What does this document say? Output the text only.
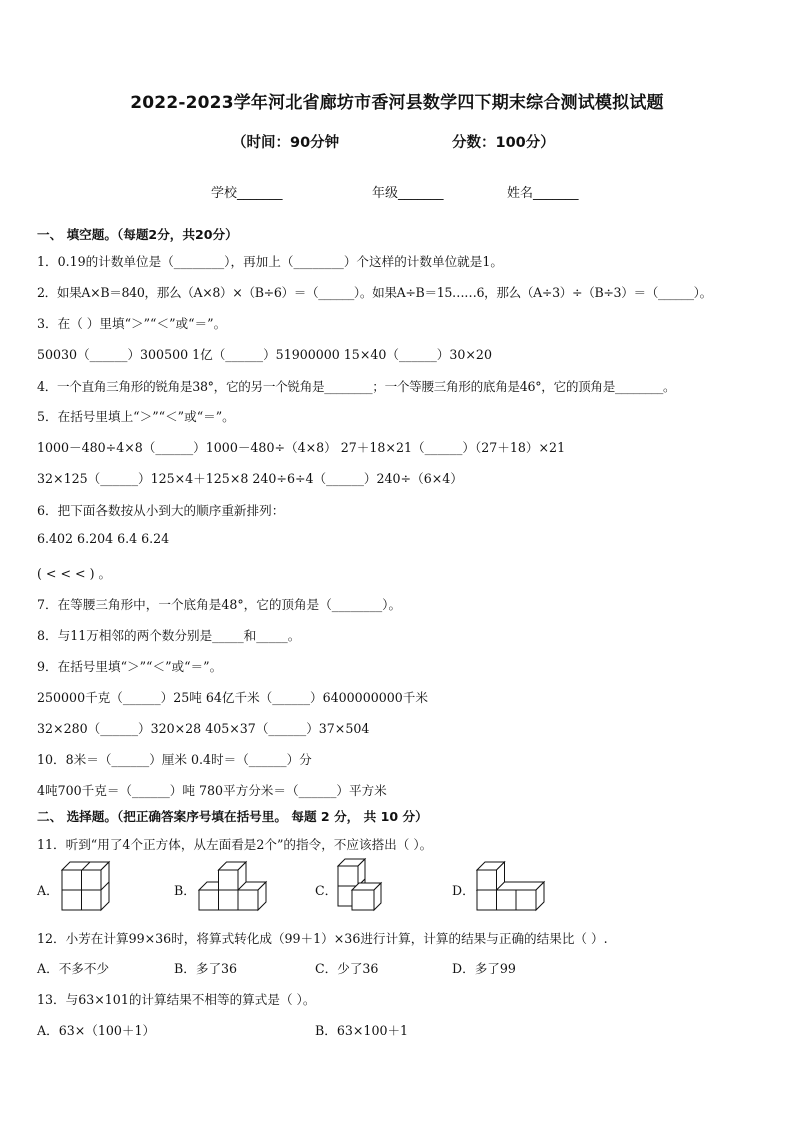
2022-2023学年河北省廊坊市香河县数学四下期末综合测试模拟试题
（时间：90分钟	分数：100分）
学校_______	年级_______	姓名_______
一、 填空题。（每题2分，共20分）
1．0.19的计数单位是（________），再加上（________）个这样的计数单位就是1。
2．如果A×B＝840，那么（A×8）×（B÷6）＝（______）。如果A÷B＝15……6，那么（A÷3）÷（B÷3）＝（______）。
3．在（ ）里填“＞”“＜”或“＝”。
50030（______）300500 1亿（______）51900000 15×40（______）30×20
4．一个直角三角形的锐角是38°，它的另一个锐角是________；一个等腰三角形的底角是46°，它的顶角是________。
5．在括号里填上“＞”“＜”或“＝”。
1000－480÷4×8（______）1000－480÷（4×8） 27＋18×21（______）（27＋18）×21
32×125（______）125×4＋125×8 240÷6÷4（______）240÷（6×4）
6．把下面各数按从小到大的顺序重新排列：
6.402 6.204 6.4 6.24
( < < < ) 。
7．在等腰三角形中，一个底角是48°，它的顶角是（________）。
8．与11万相邻的两个数分别是_____和_____。
9．在括号里填“＞”“＜”或“＝”。
250000千克（______）25吨 64亿千米（______）6400000000千米
32×280（______）320×28 405×37（______）37×504
10．8米＝（______）厘米 0.4时＝（______）分
4吨700千克＝（______）吨 780平方分米＝（______）平方米
二、 选择题。（把正确答案序号填在括号里。 每题 2 分， 共 10 分）
11．听到“用了4个正方体，从左面看是2个”的指令，不应该搭出（ ）。
A．	B．	C．	D．
12．小芳在计算99×36时，将算式转化成（99＋1）×36进行计算，计算的结果与正确的结果比（ ）.
A．不多不少	B．多了36	C．少了36	D．多了99
13．与63×101的计算结果不相等的算式是（ ）。
A．63×（100＋1）	B．63×100＋1
